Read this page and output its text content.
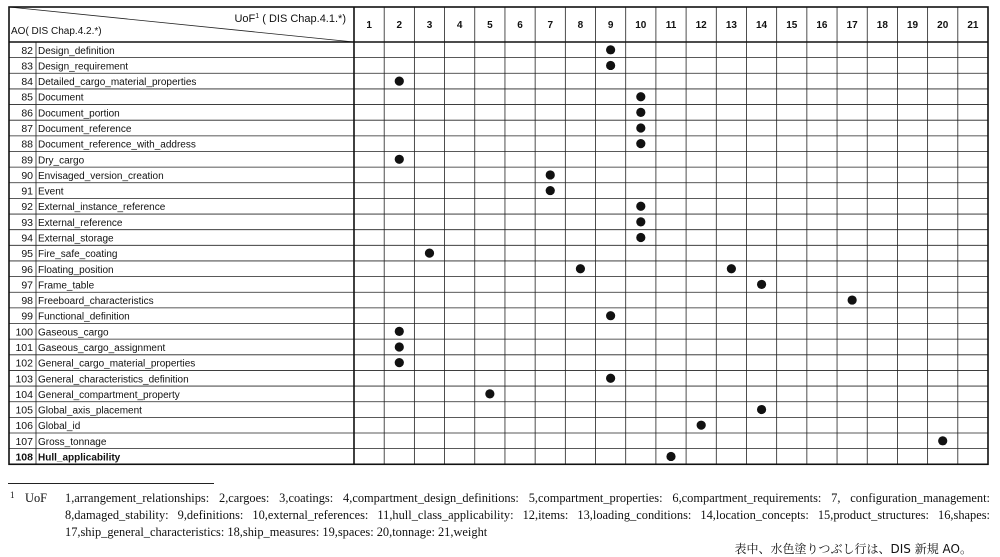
UoF$^1$ ( DIS Chap.4.1.*)
AO( DIS Chap.4.2.*)
1 2 3 4 5 6 7 8 9 10 11 12 13 14 15 16 17 18 19 20 21
82 Design_definition
83 Design_requirement
84 Detailed_cargo_material_properties
85 Document
86 Document_portion
87 Document_reference
88 Document_reference_with_address
89 Dry_cargo
90 Envisaged_version_creation
91 Event
92 External_instance_reference
93 External_reference
94 External_storage
95 Fire_safe_coating
96 Floating_position
97 Frame_table
98 Freeboard_characteristics
99 Functional_definition
100 Gaseous_cargo
101 Gaseous_cargo_assignment
102 General_cargo_material_properties
103 General_characteristics_definition
104 General_compartment_property
105 Global_axis_placement
106 Global_id
107 Gross_tonnage
108 Hull_applicability
1 UoF 1,arrangement_relationships: 2,cargoes: 3,coatings: 4,compartment_design_definitions: 5,compartment_properties: 6,compartment_requirements: 7, configuration_management: 8,damaged_stability: 9,definitions: 10,external_references: 11,hull_class_applicability: 12,items: 13,loading_conditions: 14,location_concepts: 15,product_structures: 16,shapes: 17,ship_general_characteristics: 18,ship_measures: 19,spaces: 20,tonnage: 21,weight
表中、水色塗りつぶし行は、DIS 新規 AO。
